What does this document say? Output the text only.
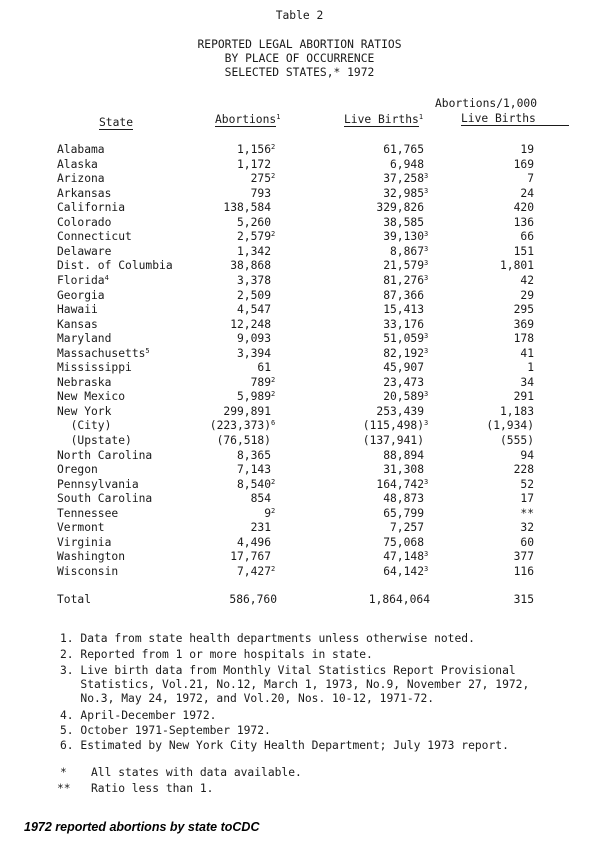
Table 2
REPORTED LEGAL ABORTION RATIOS
BY PLACE OF OCCURRENCE
SELECTED STATES,* 1972
Abortions/1,000
State	Abortions$^1$	Live Births$^1$	Live Births
Alabama	1,156$^2$	61,765	19
Alaska	1,172	6,948	169
Arizona	$275^2$	37,258$^3$	7
Arkansas	793	32,985$^3$	24
California	138,584	329,826	420
Colorado	5,260	38,585	136
Connecticut	2,579$^2$	39,130$^3$	66
Delaware	1,342	8,867$^3$	151
Dist. of Columbia	38,868	21,579$^3$	1,801
Florida$^4$	3,378	81,276$^3$	42
Georgia	2,509	87,366	29
Hawaii	4,547	15,413	295
Kansas	12,248	33,176	369
Maryland	9,093	51,059$^3$	178
Massachusetts$^5$	3,394	82,192$^3$	41
Mississippi	61	45,907	1
Nebraska	$789^2$	23,473	34
New Mexico	5,989$^2$	20,589$^3$	291
New York	299,891	253,439	1,183
(City)	$(223,373)^6$	$(115,498)^3$	(1,934)
(Upstate)	(76,518)	(137,941)	(555)
North Carolina	8,365	88,894	94
Oregon	7,143	31,308	228
Pennsylvania	8,540$^2$	164,742$^3$	52
South Carolina	854	48,873	17
Tennessee	$9^2$	65,799	**
Vermont	231	7,257	32
Virginia	4,496	75,068	60
Washington	17,767	47,148$^3$	377
Wisconsin	7,427$^2$	64,142$^3$	116
Total	586,760	1,864,064	315
1. Data from state health departments unless otherwise noted.
2. Reported from 1 or more hospitals in state.
3. Live birth data from Monthly Vital Statistics Report Provisional
Statistics, Vol.21, No.12, March 1, 1973, No.9, November 27, 1972,
No.3, May 24, 1972, and Vol.20, Nos. 10-12, 1971-72.
4. April-December 1972.
5. October 1971-September 1972.
6. Estimated by New York City Health Department; July 1973 report.
* All states with data available.
** Ratio less than 1.
1972 reported abortions by state toCDC
